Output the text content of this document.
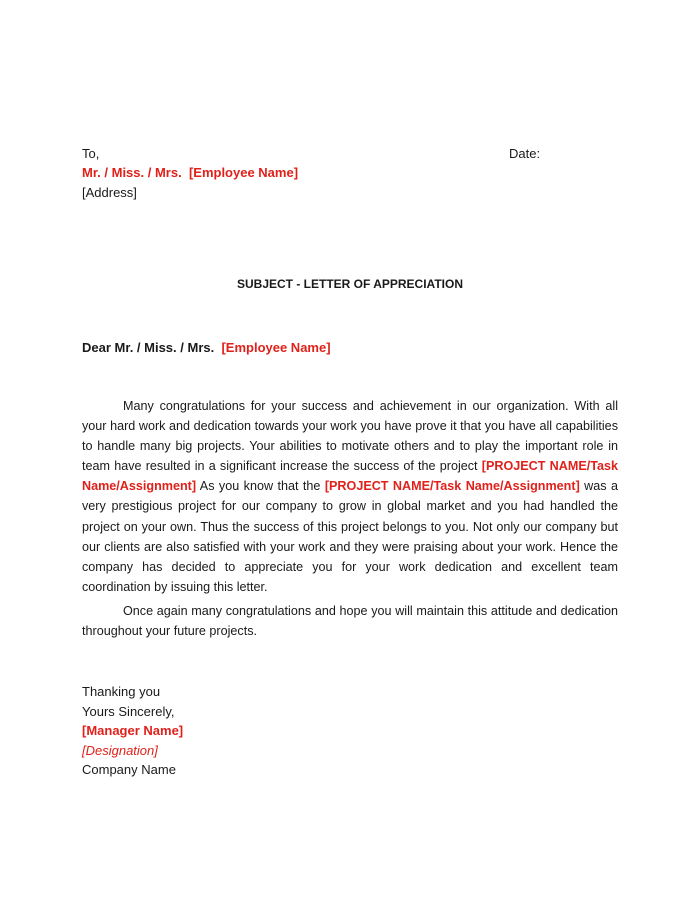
To,	Date:
Mr. / Miss. / Mrs. [Employee Name]
[Address]
SUBJECT - LETTER OF APPRECIATION
Dear Mr. / Miss. / Mrs. [Employee Name]
Many congratulations for your success and achievement in our organization. With all your hard work and dedication towards your work you have prove it that you have all capabilities to handle many big projects. Your abilities to motivate others and to play the important role in team have resulted in a significant increase the success of the project [PROJECT NAME/Task Name/Assignment] As you know that the [PROJECT NAME/Task Name/Assignment] was a very prestigious project for our company to grow in global market and you had handled the project on your own. Thus the success of this project belongs to you. Not only our company but our clients are also satisfied with your work and they were praising about your work. Hence the company has decided to appreciate you for your work dedication and excellent team coordination by issuing this letter.
Once again many congratulations and hope you will maintain this attitude and dedication throughout your future projects.
Thanking you
Yours Sincerely,
[Manager Name]
[Designation]
Company Name
